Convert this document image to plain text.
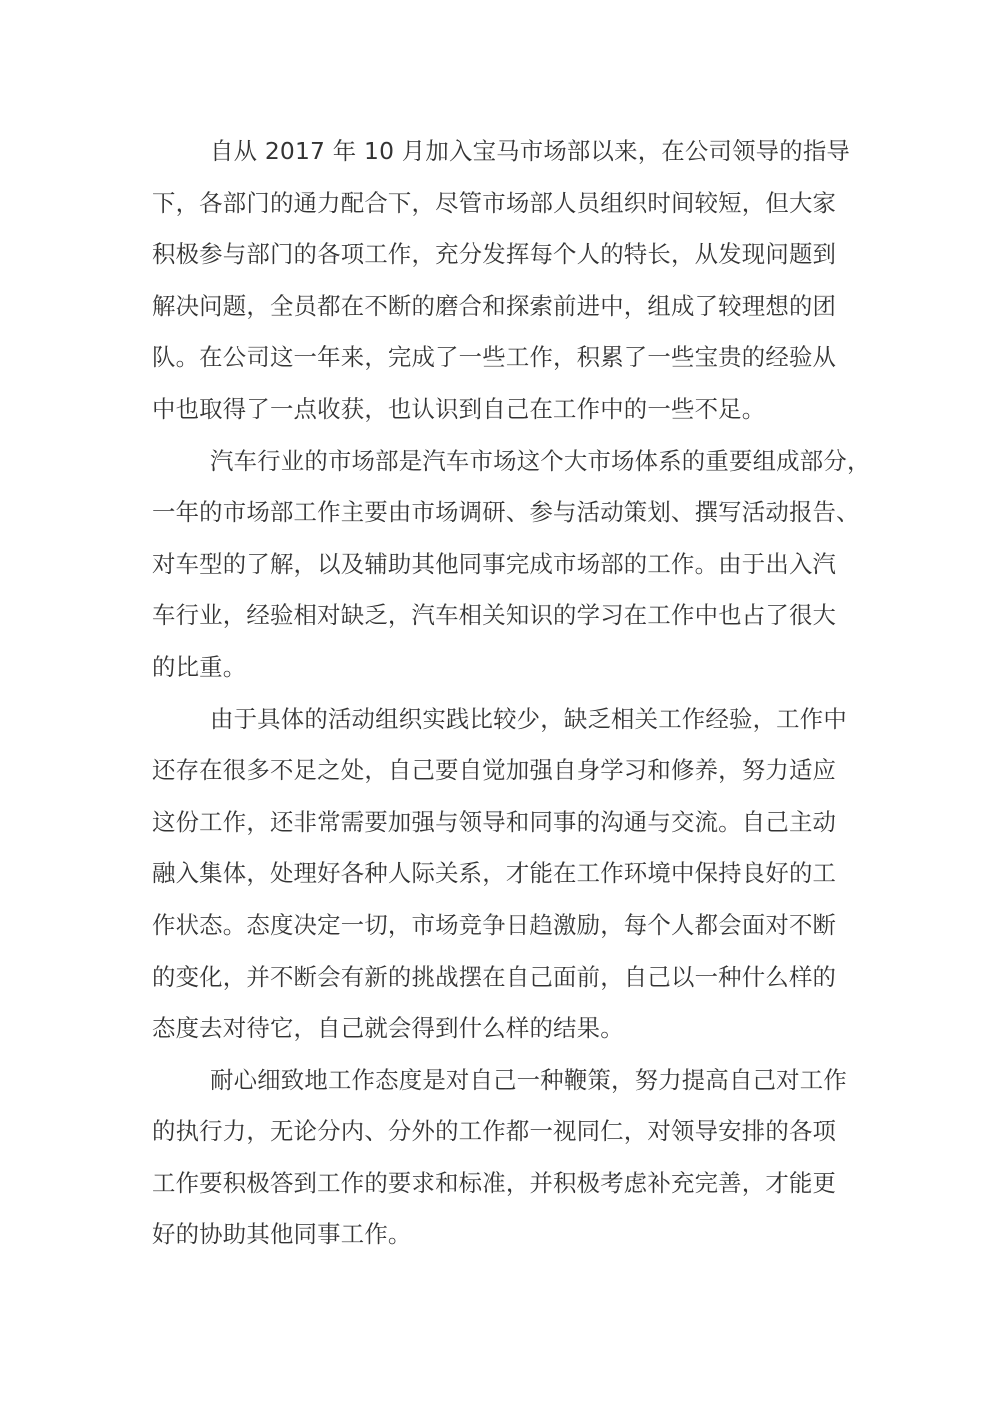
自从 2017 年 10 月加入宝马市场部以来，在公司领导的指导
下，各部门的通力配合下，尽管市场部人员组织时间较短，但大家
积极参与部门的各项工作，充分发挥每个人的特长，从发现问题到
解决问题，全员都在不断的磨合和探索前进中，组成了较理想的团
队。在公司这一年来，完成了一些工作，积累了一些宝贵的经验从
中也取得了一点收获，也认识到自己在工作中的一些不足。

汽车行业的市场部是汽车市场这个大市场体系的重要组成部分，
一年的市场部工作主要由市场调研、参与活动策划、撰写活动报告、
对车型的了解，以及辅助其他同事完成市场部的工作。由于出入汽
车行业，经验相对缺乏，汽车相关知识的学习在工作中也占了很大
的比重。

由于具体的活动组织实践比较少，缺乏相关工作经验，工作中
还存在很多不足之处，自己要自觉加强自身学习和修养，努力适应
这份工作，还非常需要加强与领导和同事的沟通与交流。自己主动
融入集体，处理好各种人际关系，才能在工作环境中保持良好的工
作状态。态度决定一切，市场竞争日趋激励，每个人都会面对不断
的变化，并不断会有新的挑战摆在自己面前，自己以一种什么样的
态度去对待它，自己就会得到什么样的结果。

耐心细致地工作态度是对自己一种鞭策，努力提高自己对工作
的执行力，无论分内、分外的工作都一视同仁，对领导安排的各项
工作要积极答到工作的要求和标准，并积极考虑补充完善，才能更
好的协助其他同事工作。
